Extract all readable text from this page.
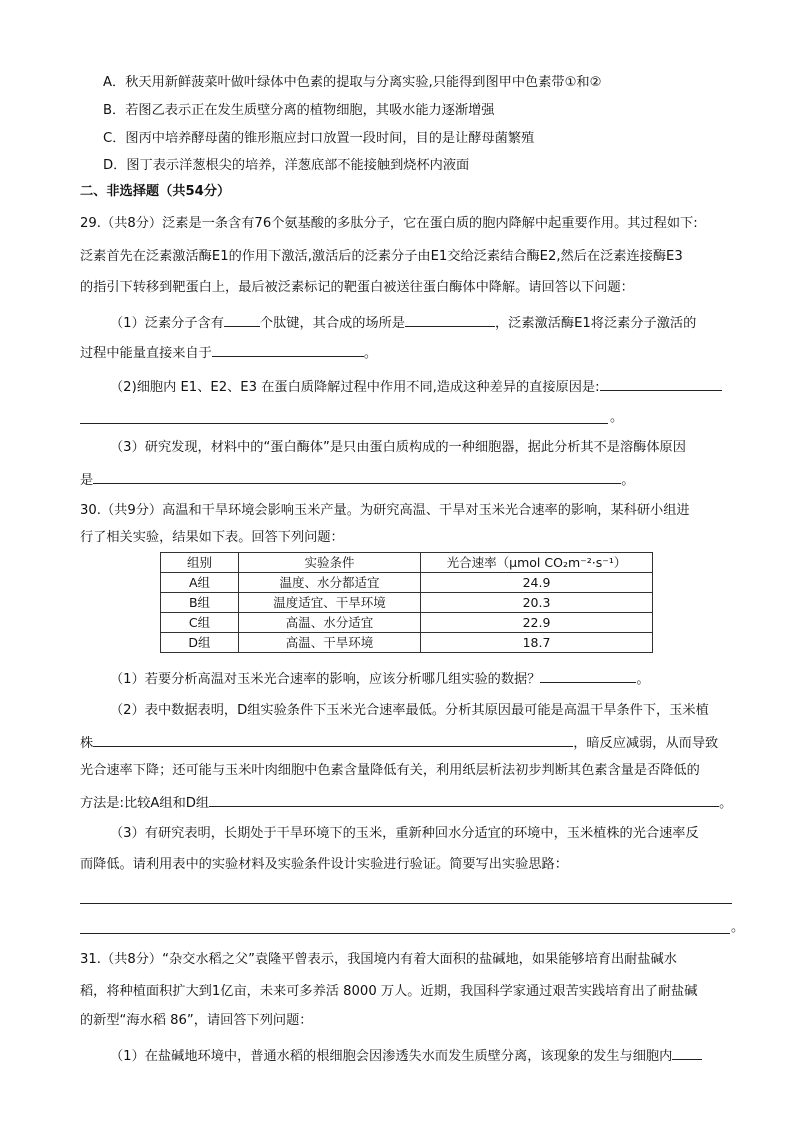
A．秋天用新鲜菠菜叶做叶绿体中色素的提取与分离实验,只能得到图甲中色素带①和②
B．若图乙表示正在发生质壁分离的植物细胞，其吸水能力逐渐增强
C．图丙中培养酵母菌的锥形瓶应封口放置一段时间，目的是让酵母菌繁殖
D．图丁表示洋葱根尖的培养，洋葱底部不能接触到烧杯内液面
二、非选择题（共54分）
29.（共8分）泛素是一条含有76个氨基酸的多肽分子，它在蛋白质的胞内降解中起重要作用。其过程如下:
泛素首先在泛素激活酶E1的作用下激活,激活后的泛素分子由E1交给泛素结合酶E2,然后在泛素连接酶E3
的指引下转移到靶蛋白上，最后被泛素标记的靶蛋白被送往蛋白酶体中降解。请回答以下问题：
（1）泛素分子含有	个肽键，其合成的场所是	，泛素激活酶E1将泛素分子激活的
过程中能量直接来自于	。
（2)细胞内 E1、E2、E3 在蛋白质降解过程中作用不同,造成这种差异的直接原因是:
。
（3）研究发现，材料中的“蛋白酶体”是只由蛋白质构成的一种细胞器，据此分析其不是溶酶体原因
是	。
30.（共9分）高温和干旱环境会影响玉米产量。为研究高温、干旱对玉米光合速率的影响，某科研小组进
行了相关实验，结果如下表。回答下列问题：
组别	实验条件	光合速率（μmol CO₂m⁻²·s⁻¹）
A组	温度、水分都适宜	24.9
B组	温度适宜、干旱环境	20.3
C组	高温、水分适宜	22.9
D组	高温、干旱环境	18.7
（1）若要分析高温对玉米光合速率的影响，应该分析哪几组实验的数据？	。
（2）表中数据表明，D组实验条件下玉米光合速率最低。分析其原因最可能是高温干旱条件下，玉米植
株	，暗反应减弱，从而导致
光合速率下降；还可能与玉米叶肉细胞中色素含量降低有关，利用纸层析法初步判断其色素含量是否降低的
方法是:比较A组和D组	。
（3）有研究表明，长期处于干旱环境下的玉米，重新种回水分适宜的环境中，玉米植株的光合速率反
而降低。请利用表中的实验材料及实验条件设计实验进行验证。简要写出实验思路：
。
31.（共8分）“杂交水稻之父”袁隆平曾表示，我国境内有着大面积的盐碱地，如果能够培育出耐盐碱水
稻，将种植面积扩大到1亿亩，未来可多养活 8000 万人。近期，我国科学家通过艰苦实践培育出了耐盐碱
的新型“海水稻 86”，请回答下列问题：
（1）在盐碱地环境中，普通水稻的根细胞会因渗透失水而发生质壁分离，该现象的发生与细胞内
